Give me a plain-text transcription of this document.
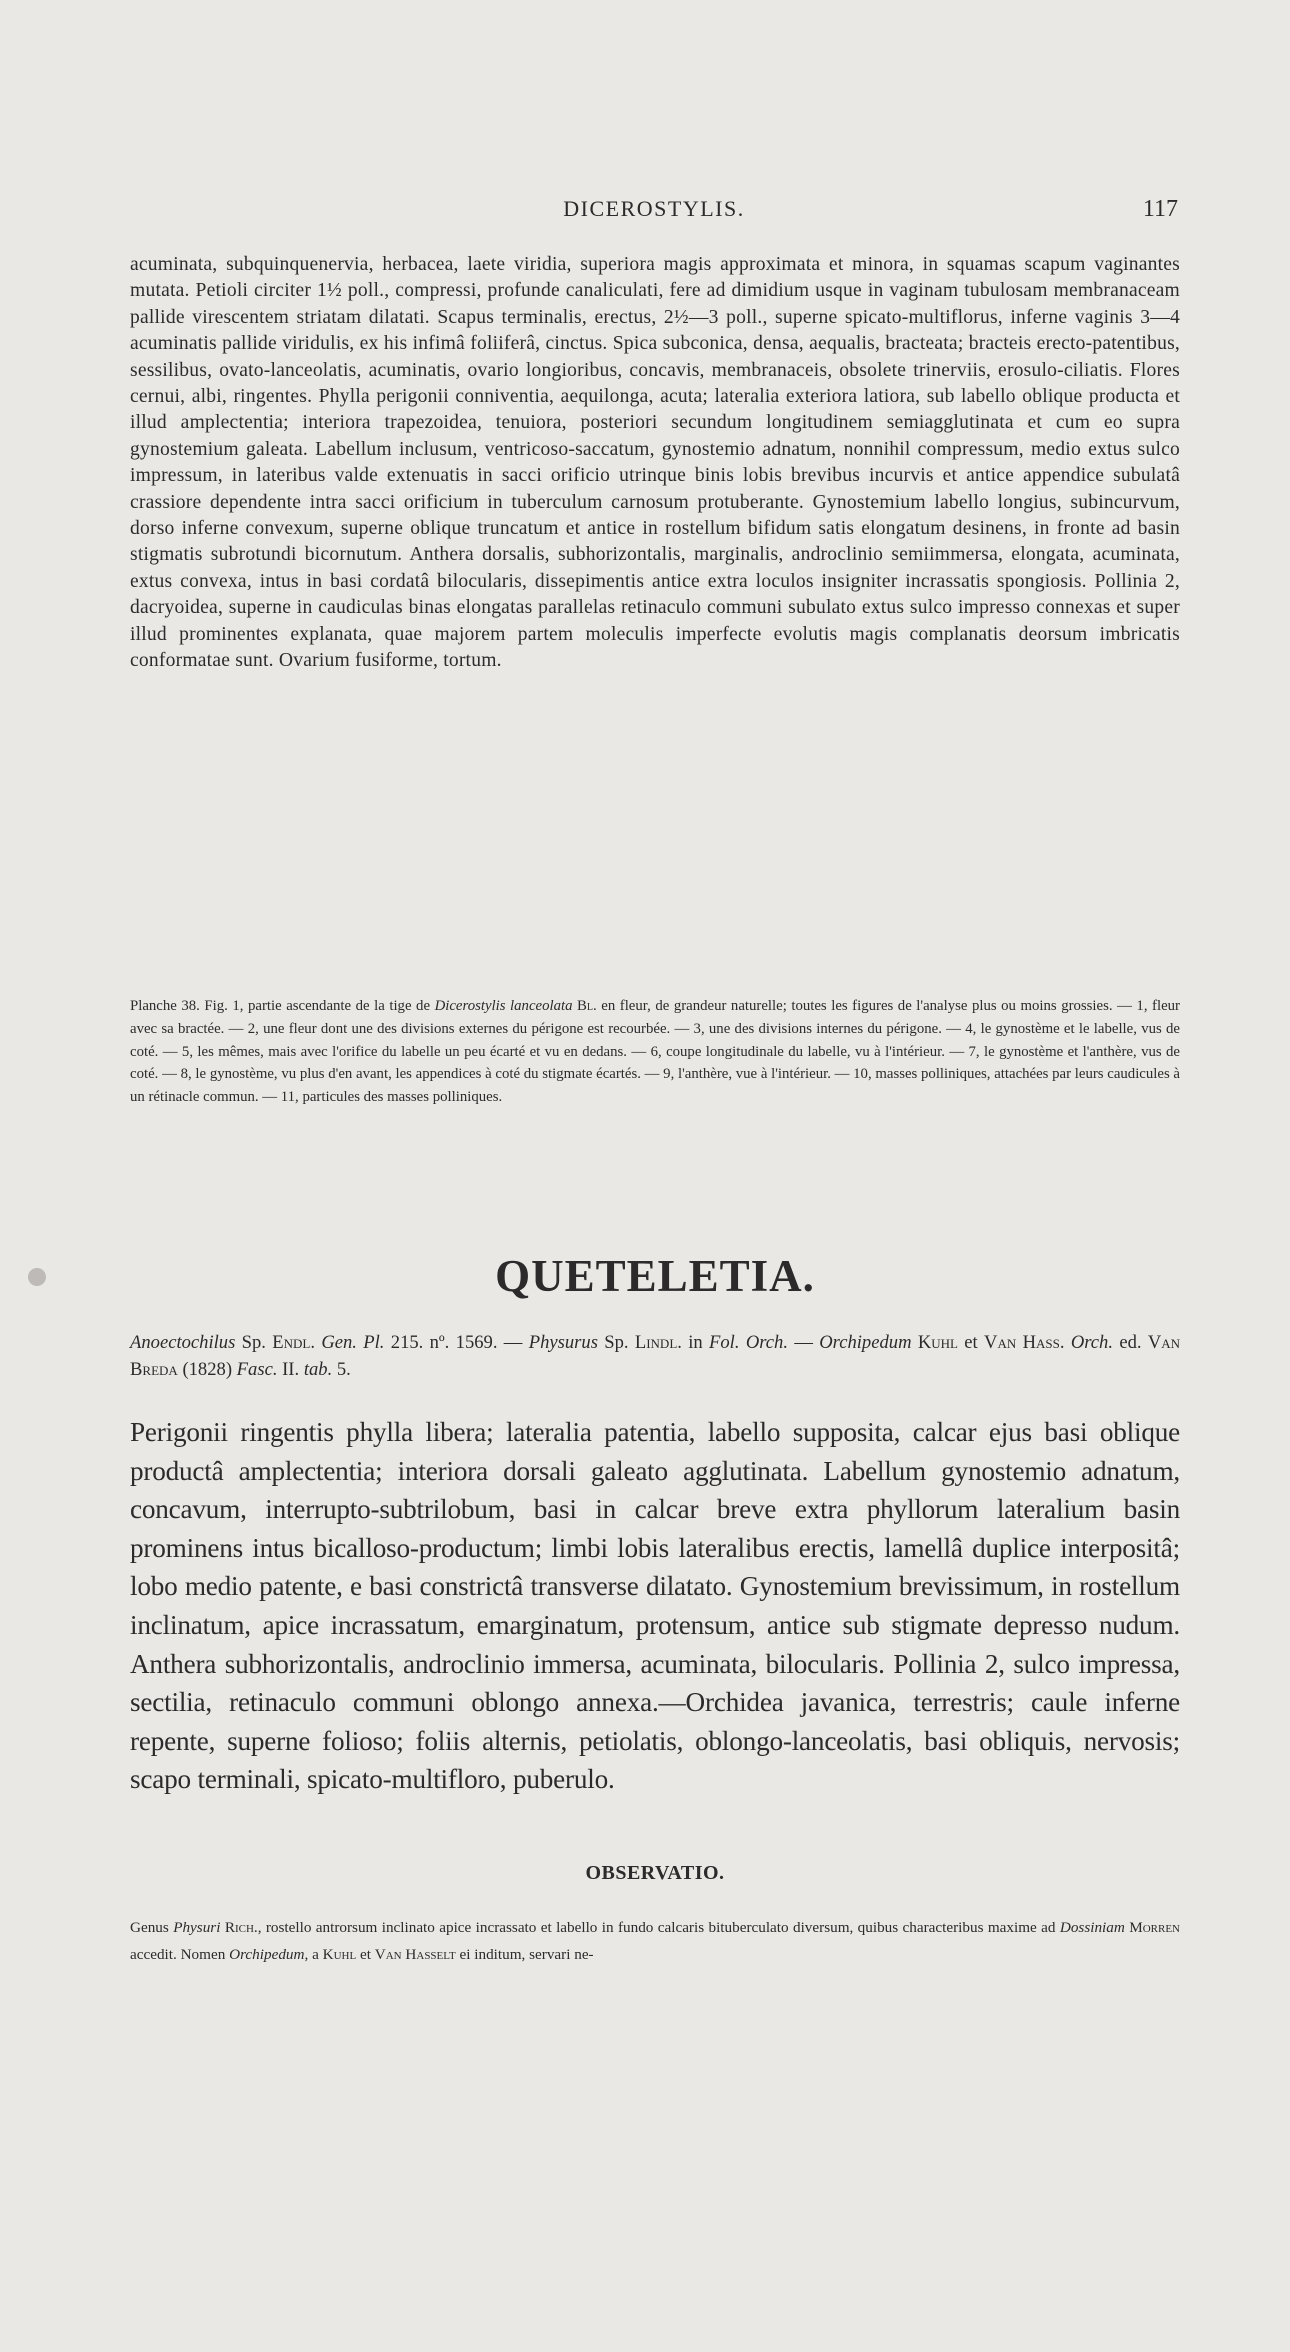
DICEROSTYLIS.	117

acuminata, subquinquenervia, herbacea, laete viridia, superiora magis approximata et minora, in squamas scapum vaginantes mutata. Petioli circiter 1½ poll., compressi, profunde canaliculati, fere ad dimidium usque in vaginam tubulosam membranaceam pallide virescentem striatam dilatati. Scapus terminalis, erectus, 2½—3 poll., superne spicato-multiflorus, inferne vaginis 3—4 acuminatis pallide viridulis, ex his infimâ foliiferâ, cinctus. Spica subconica, densa, aequalis, bracteata; bracteis erecto-patentibus, sessilibus, ovato-lanceolatis, acuminatis, ovario longioribus, concavis, membranaceis, obsolete trinerviis, erosulo-ciliatis. Flores cernui, albi, ringentes. Phylla perigonii conniventia, aequilonga, acuta; lateralia exteriora latiora, sub labello oblique producta et illud amplectentia; interiora trapezoidea, tenuiora, posteriori secundum longitudinem semiagglutinata et cum eo supra gynostemium galeata. Labellum inclusum, ventricoso-saccatum, gynostemio adnatum, nonnihil compressum, medio extus sulco impressum, in lateribus valde extenuatis in sacci orificio utrinque binis lobis brevibus incurvis et antice appendice subulatâ crassiore dependente intra sacci orificium in tuberculum carnosum protuberante. Gynostemium labello longius, subincurvum, dorso inferne convexum, superne oblique truncatum et antice in rostellum bifidum satis elongatum desinens, in fronte ad basin stigmatis subrotundi bicornutum. Anthera dorsalis, subhorizontalis, marginalis, androclinio semiimmersa, elongata, acuminata, extus convexa, intus in basi cordatâ bilocularis, dissepimentis antice extra loculos insigniter incrassatis spongiosis. Pollinia 2, dacryoidea, superne in caudiculas binas elongatas parallelas retinaculo communi subulato extus sulco impresso connexas et super illud prominentes explanata, quae majorem partem moleculis imperfecte evolutis magis complanatis deorsum imbricatis conformatae sunt. Ovarium fusiforme, tortum.

Planche 38. Fig. 1, partie ascendante de la tige de Dicerostylis lanceolata Bl. en fleur, de grandeur naturelle; toutes les figures de l'analyse plus ou moins grossies. — 1, fleur avec sa bractée. — 2, une fleur dont une des divisions externes du périgone est recourbée. — 3, une des divisions internes du périgone. — 4, le gynostème et le labelle, vus de coté. — 5, les mêmes, mais avec l'orifice du labelle un peu écarté et vu en dedans. — 6, coupe longitudinale du labelle, vu à l'intérieur. — 7, le gynostème et l'anthère, vus de coté. — 8, le gynostème, vu plus d'en avant, les appendices à coté du stigmate écartés. — 9, l'anthère, vue à l'intérieur. — 10, masses polliniques, attachées par leurs caudicules à un rétinacle commun. — 11, particules des masses polliniques.

QUETELETIA.

Anoectochilus Sp. Endl. Gen. Pl. 215. nº. 1569. — Physurus Sp. Lindl. in Fol. Orch. — Orchipedum Kuhl et Van Hass. Orch. ed. Van Breda (1828) Fasc. II. tab. 5.

Perigonii ringentis phylla libera; lateralia patentia, labello supposita, calcar ejus basi oblique productâ amplectentia; interiora dorsali galeato agglutinata. Labellum gynostemio adnatum, concavum, interrupto-subtrilobum, basi in calcar breve extra phyllorum lateralium basin prominens intus bicalloso-productum; limbi lobis lateralibus erectis, lamellâ duplice interpositâ; lobo medio patente, e basi constrictâ transverse dilatato. Gynostemium brevissimum, in rostellum inclinatum, apice incrassatum, emarginatum, protensum, antice sub stigmate depresso nudum. Anthera subhorizontalis, androclinio immersa, acuminata, bilocularis. Pollinia 2, sulco impressa, sectilia, retinaculo communi oblongo annexa.—Orchidea javanica, terrestris; caule inferne repente, superne folioso; foliis alternis, petiolatis, oblongo-lanceolatis, basi obliquis, nervosis; scapo terminali, spicato-multifloro, puberulo.

OBSERVATIO.

Genus Physuri Rich., rostello antrorsum inclinato apice incrassato et labello in fundo calcaris bituberculato diversum, quibus characteribus maxime ad Dossiniam Morren accedit. Nomen Orchipedum, a Kuhl et Van Hasselt ei inditum, servari ne-
